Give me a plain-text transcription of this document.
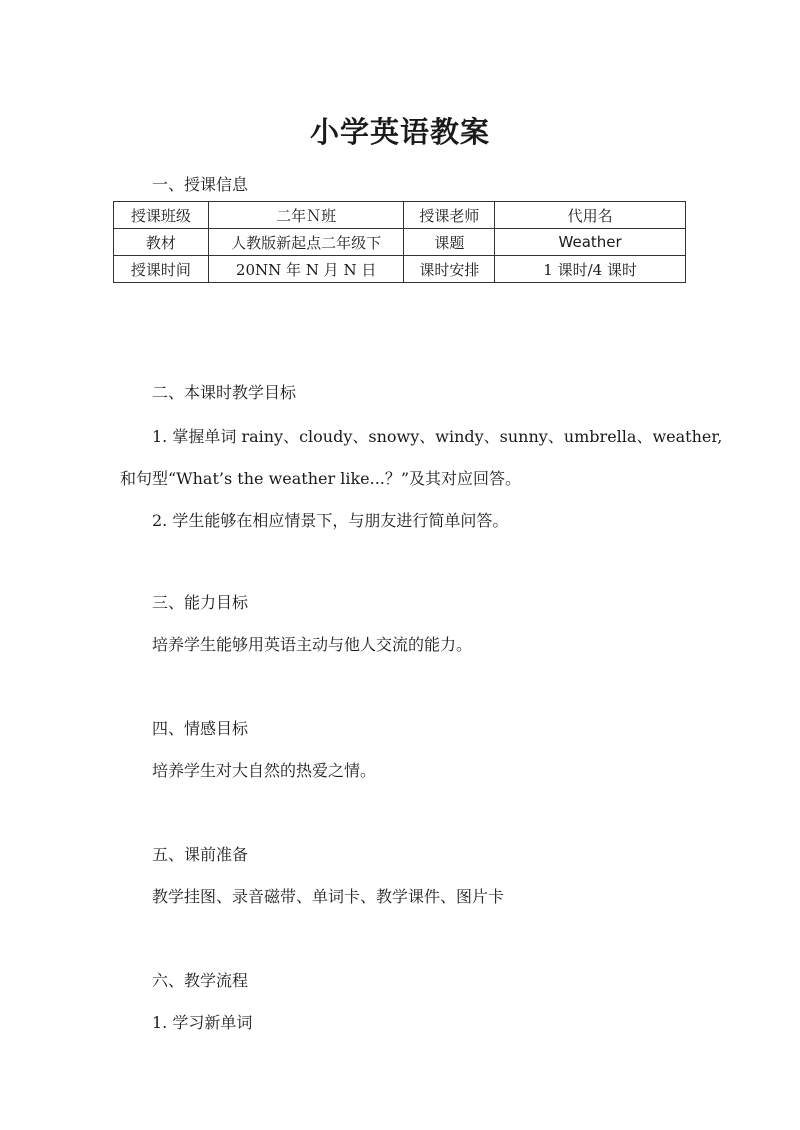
小学英语教案
一、授课信息
授课班级	二年Ｎ班	授课老师	代用名
教材	人教版新起点二年级下	课题	Weather
授课时间	20NN 年 N 月 N 日	课时安排	1 课时/4 课时
二、本课时教学目标

1. 掌握单词 rainy、cloudy、snowy、windy、sunny、umbrella、weather,

和句型“What’s the weather like...？”及其对应回答。

2. 学生能够在相应情景下，与朋友进行简单问答。

三、能力目标

培养学生能够用英语主动与他人交流的能力。

四、情感目标

培养学生对大自然的热爱之情。

五、课前准备

教学挂图、录音磁带、单词卡、教学课件、图片卡

六、教学流程

1. 学习新单词
